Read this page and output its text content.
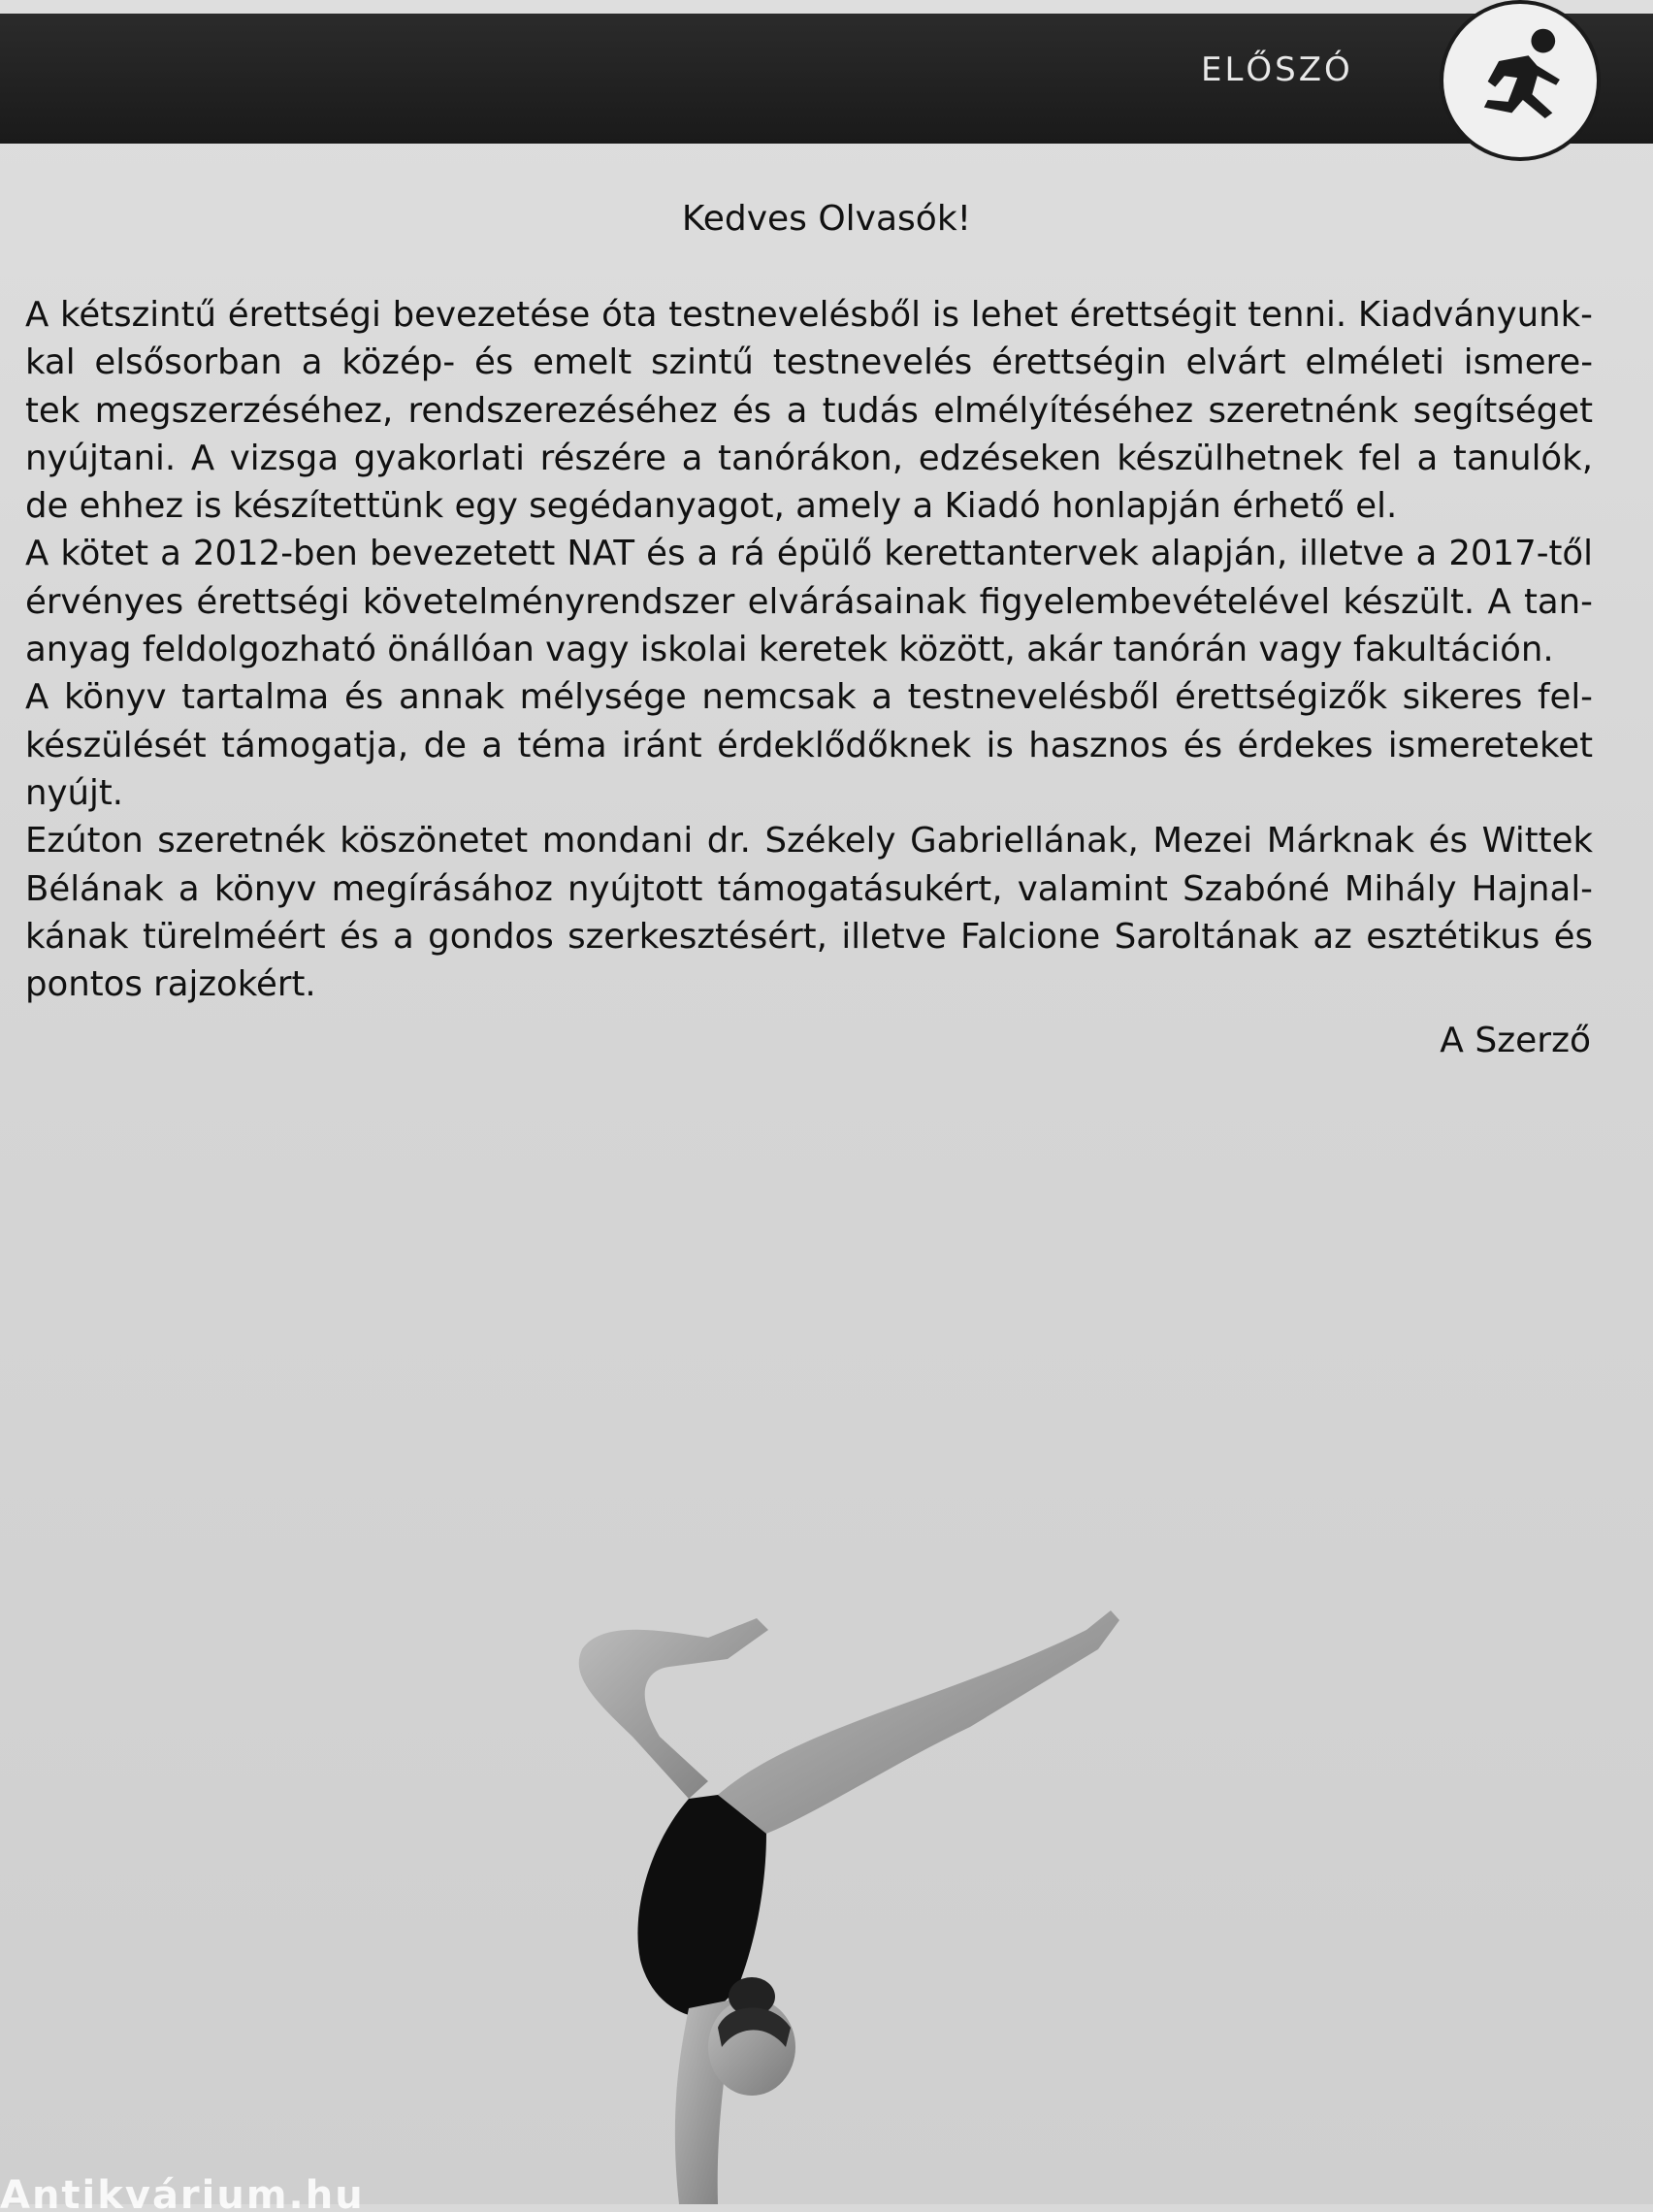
ELŐSZÓ
Kedves Olvasók!
A kétszintű érettségi bevezetése óta testnevelésből is lehet érettségit tenni. Kiadványunk-
kal elsősorban a közép- és emelt szintű testnevelés érettségin elvárt elméleti ismere-
tek megszerzéséhez, rendszerezéséhez és a tudás elmélyítéséhez szeretnénk segítséget
nyújtani. A vizsga gyakorlati részére a tanórákon, edzéseken készülhetnek fel a tanulók,
de ehhez is készítettünk egy segédanyagot, amely a Kiadó honlapján érhető el.
A kötet a 2012-ben bevezetett NAT és a rá épülő kerettantervek alapján, illetve a 2017-től
érvényes érettségi követelményrendszer elvárásainak figyelembevételével készült. A tan-
anyag feldolgozható önállóan vagy iskolai keretek között, akár tanórán vagy fakultáción.
A könyv tartalma és annak mélysége nemcsak a testnevelésből érettségizők sikeres fel-
készülését támogatja, de a téma iránt érdeklődőknek is hasznos és érdekes ismereteket
nyújt.
Ezúton szeretnék köszönetet mondani dr. Székely Gabriellának, Mezei Márknak és Wittek
Bélának a könyv megírásához nyújtott támogatásukért, valamint Szabóné Mihály Hajnal-
kának türelméért és a gondos szerkesztésért, illetve Falcione Saroltának az esztétikus és
pontos rajzokért.
A Szerző
Antikvárium.hu
